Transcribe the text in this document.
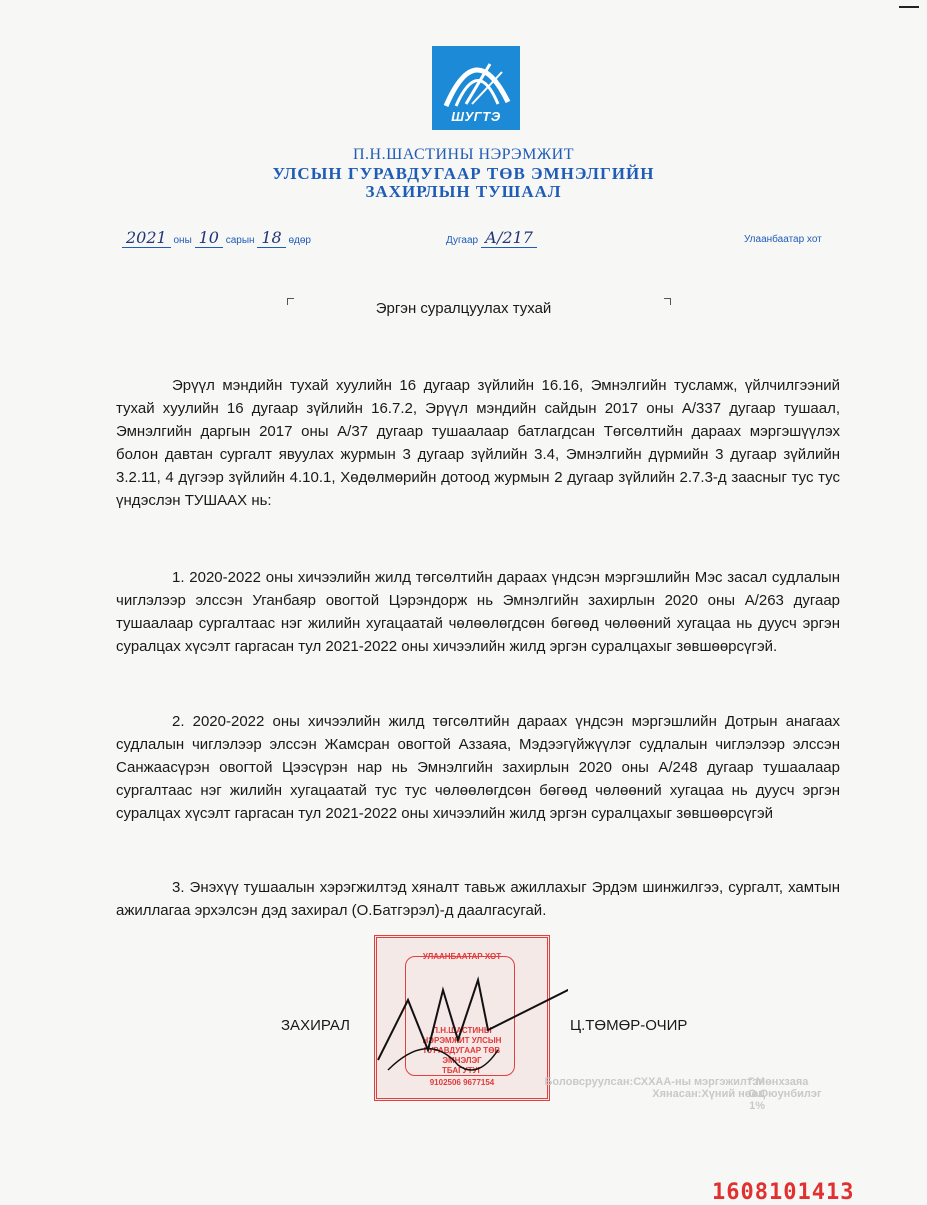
ШУГТЭ
П.Н.ШАСТИНЫ НЭРЭМЖИТ
УЛСЫН ГУРАВДУГААР ТӨВ ЭМНЭЛГИЙН
ЗАХИРЛЫН ТУШААЛ
2021 оны 10 сарын 18 өдөр	Дугаар А/217	Улаанбаатар хот
Эргэн суралцуулах тухай

Эрүүл мэндийн тухай хуулийн 16 дугаар зүйлийн 16.16, Эмнэлгийн тусламж, үйлчилгээний тухай хуулийн 16 дугаар зүйлийн 16.7.2, Эрүүл мэндийн сайдын 2017 оны А/337 дугаар тушаал, Эмнэлгийн даргын 2017 оны А/37 дугаар тушаалаар батлагдсан Төгсөлтийн дараах мэргэшүүлэх болон давтан сургалт явуулах журмын 3 дугаар зүйлийн 3.4, Эмнэлгийн дүрмийн 3 дугаар зүйлийн 3.2.11, 4 дүгээр зүйлийн 4.10.1, Хөдөлмөрийн дотоод журмын 2 дугаар зүйлийн 2.7.3-д заасныг тус тус үндэслэн ТУШААХ нь:

1. 2020-2022 оны хичээлийн жилд төгсөлтийн дараах үндсэн мэргэшлийн Мэс засал судлалын чиглэлээр элссэн Уганбаяр овогтой Цэрэндорж нь Эмнэлгийн захирлын 2020 оны А/263 дугаар тушаалаар сургалтаас нэг жилийн хугацаатай чөлөөлөгдсөн бөгөөд чөлөөний хугацаа нь дуусч эргэн суралцах хүсэлт гаргасан тул 2021-2022 оны хичээлийн жилд эргэн суралцахыг зөвшөөрсүгэй.

2. 2020-2022 оны хичээлийн жилд төгсөлтийн дараах үндсэн мэргэшлийн Дотрын анагаах судлалын чиглэлээр элссэн Жамсран овогтой Аззаяа, Мэдээгүйжүүлэг судлалын чиглэлээр элссэн Санжаасүрэн овогтой Цээсүрэн нар нь Эмнэлгийн захирлын 2020 оны А/248 дугаар тушаалаар сургалтаас нэг жилийн хугацаатай тус тус чөлөөлөгдсөн бөгөөд чөлөөний хугацаа нь дуусч эргэн суралцах хүсэлт гаргасан тул 2021-2022 оны хичээлийн жилд эргэн суралцахыг зөвшөөрсүгэй

3. Энэхүү тушаалын хэрэгжилтэд хяналт тавьж ажиллахыг Эрдэм шинжилгээ, сургалт, хамтын ажиллагаа эрхэлсэн дэд захирал (О.Батгэрэл)-д даалгасугай.

УЛААНБААТАР ХОТ
П.Н.ШАСТИНЫ
НЭРЭМЖИТ УЛСЫН
ГУРАВДУГААР ТӨВ
ЭМНЭЛЭГ
ТБАГУТУГ
9102506 9677154
ЗАХИРАЛ	Ц.ТӨМӨР-ОЧИР
Боловсруулсан:СХХАА-ны мэргэжилтэн
Хянасан:Хүний нөөц
1%
Г.Мөнхзаяа
О.Оюунбилэг
1608101413
